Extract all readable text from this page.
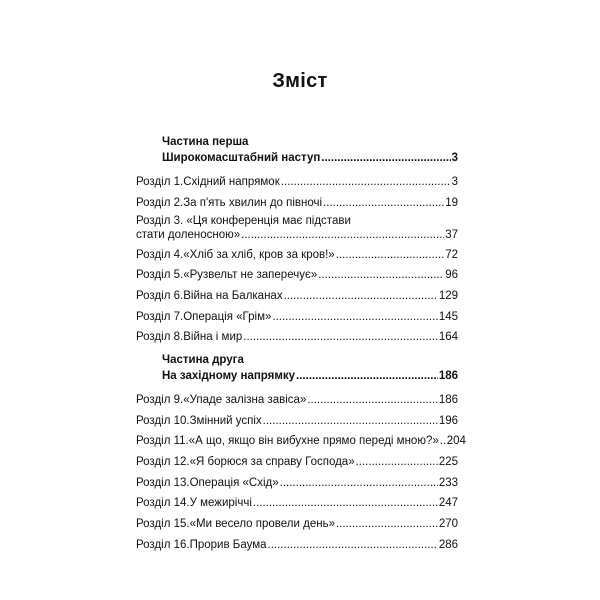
Зміст
Частина перша
Широкомасштабний наступ .....	3
Розділ 1.Східний напрямок .....	3
Розділ 2.За п'ять хвилин до півночі .....	19
Розділ 3. «Ця конференція має підстави
стати доленосною» .....	37
Розділ 4.«Хліб за хліб, кров за кров!» .....	72
Розділ 5.«Рузвельт не заперечує» .....	96
Розділ 6.Війна на Балканах .....	129
Розділ 7.Операція «Грім» .....	145
Розділ 8.Війна і мир .....	164
Частина друга
На західному напрямку .....	186
Розділ 9.«Упаде залізна завіса» .....	186
Розділ 10.Змінний успіх .....	196
Розділ 11.«А що, якщо він вибухне прямо переді мною?» ..... 204
Розділ 12.«Я борюся за справу Господа» .....	225
Розділ 13.Операція «Схід» .....	233
Розділ 14.У межиріччі .....	247
Розділ 15.«Ми весело провели день» .....	270
Розділ 16.Прорив Баума .....	286
